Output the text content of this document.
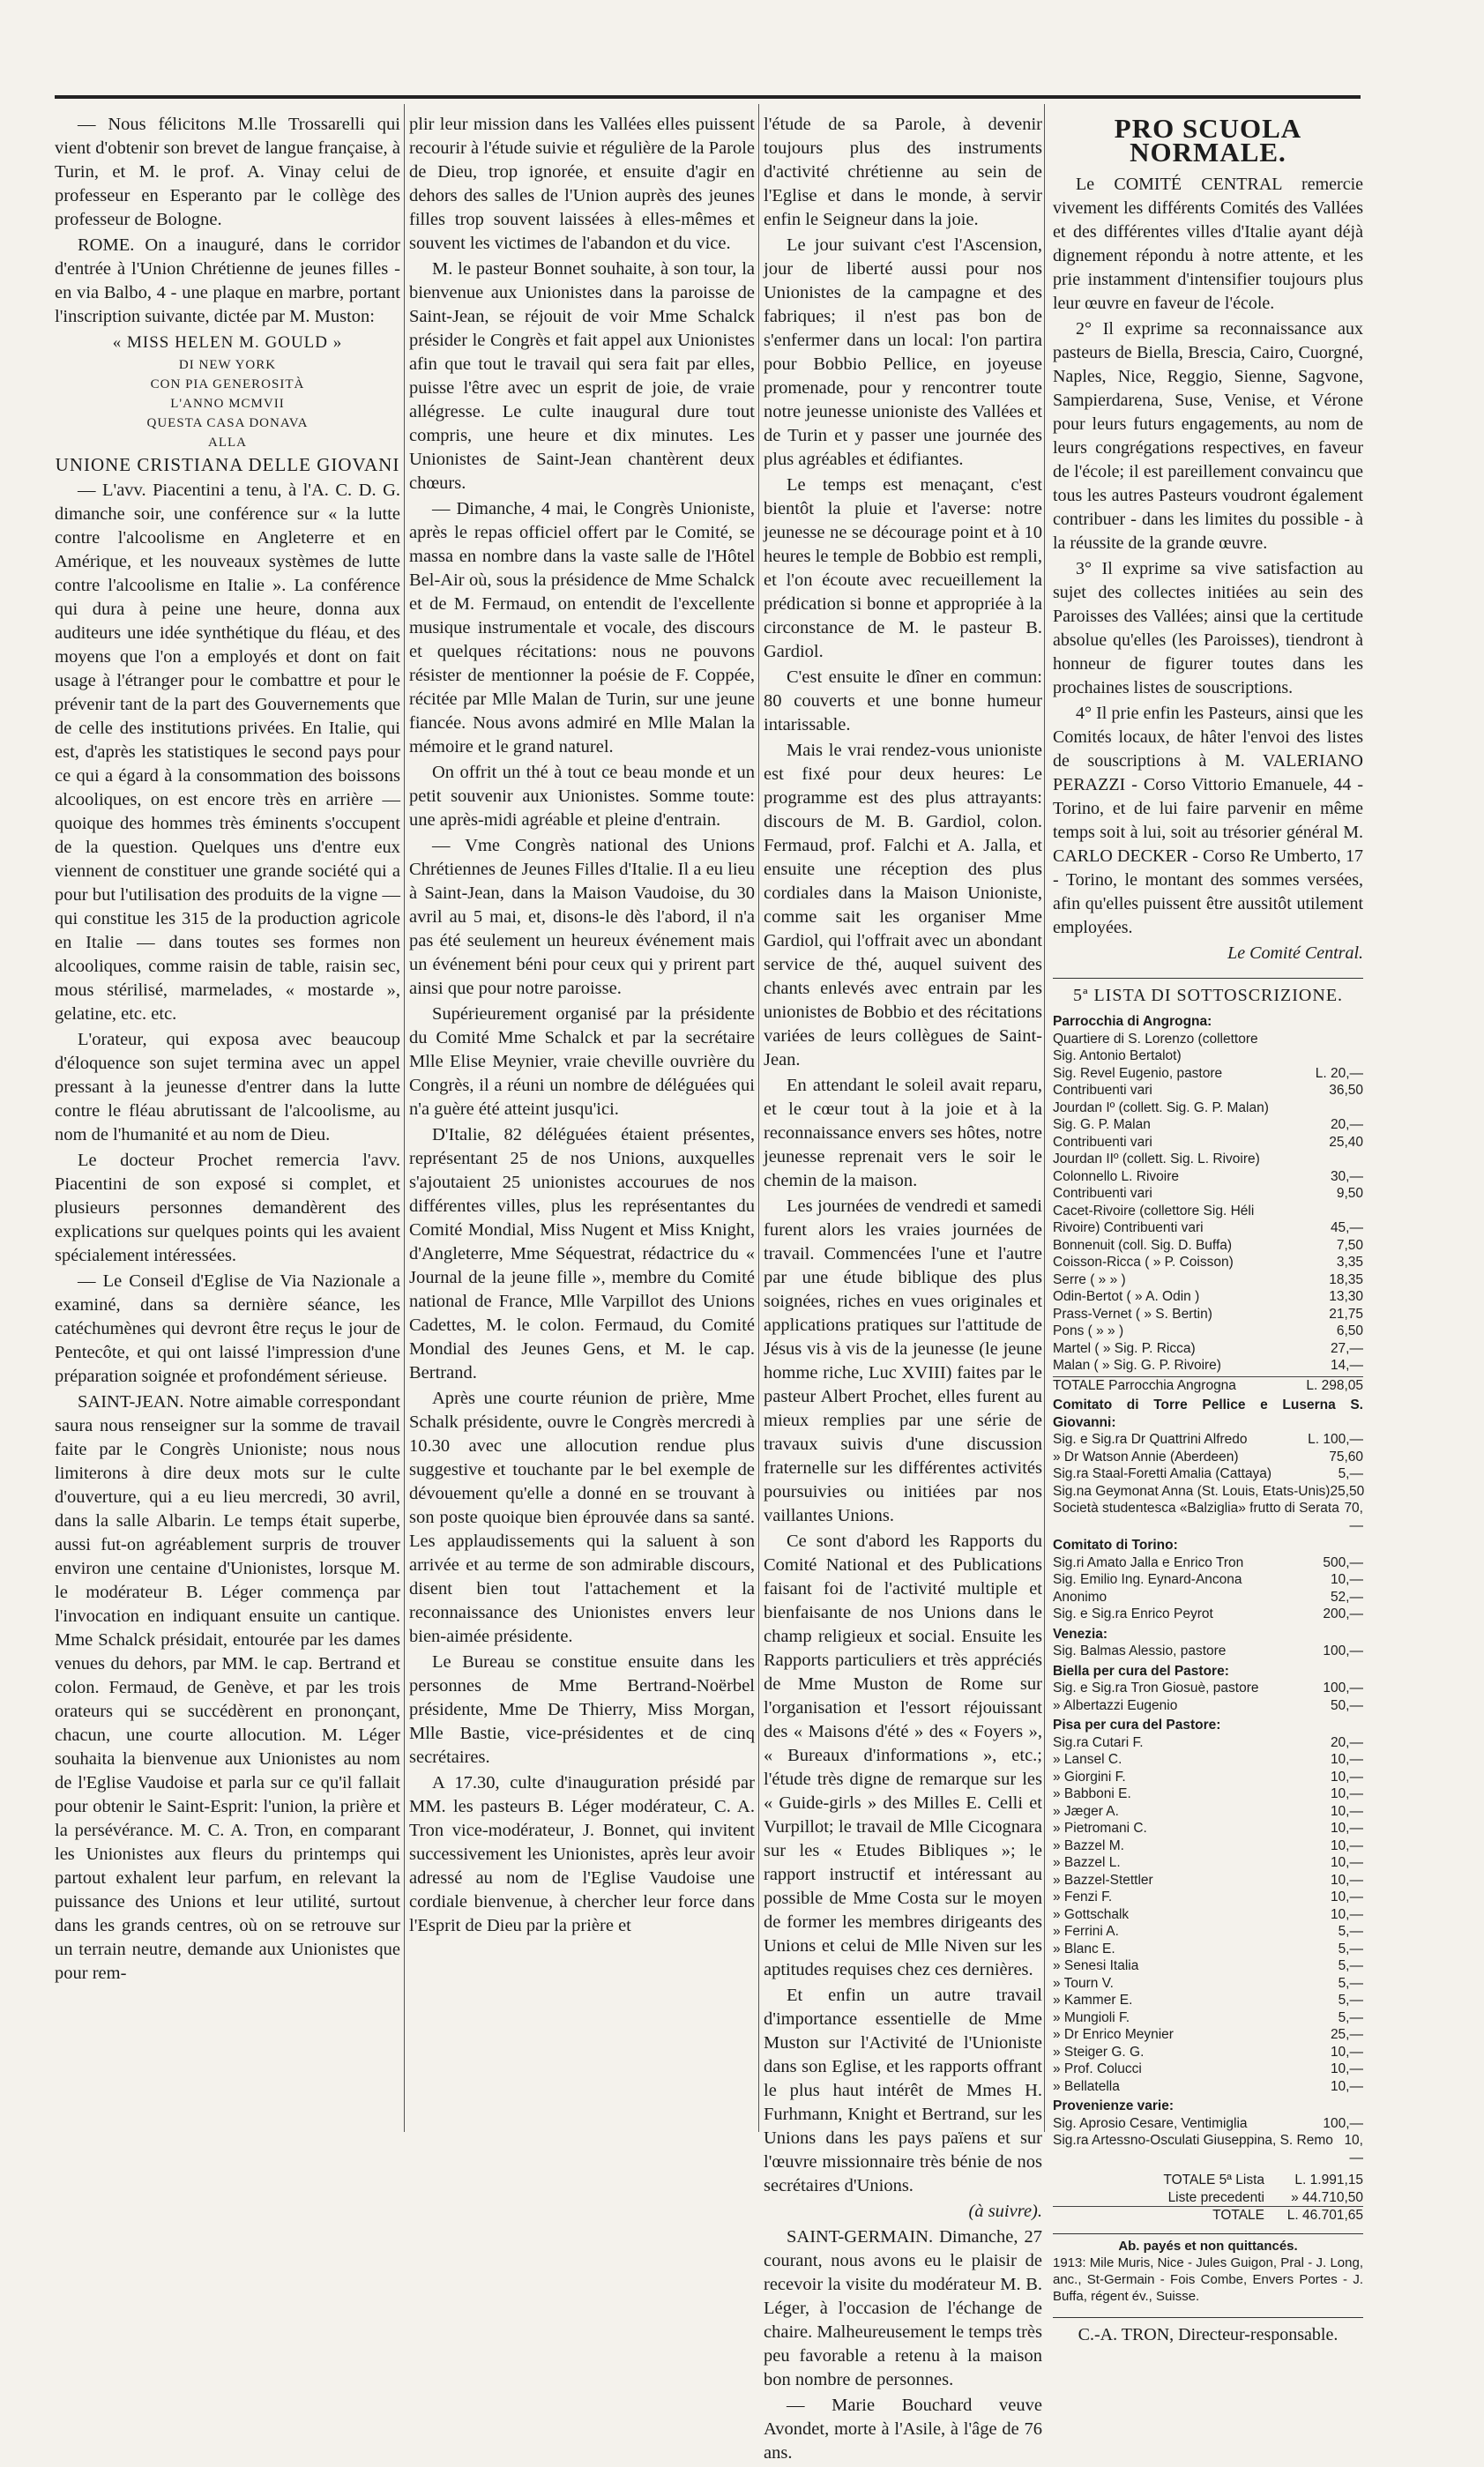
— Nous félicitons M.lle Trossarelli qui vient d'obtenir son brevet de langue française, à Turin, et M. le prof. A. Vinay celui de professeur en Esperanto par le collège des professeur de Bologne.

ROME. On a inauguré, dans le corridor d'entrée à l'Union Chrétienne de jeunes filles - en via Balbo, 4 - une plaque en marbre, portant l'inscription suivante, dictée par M. Muston:

« MISS HELEN M. GOULD »

DI NEW YORK

CON PIA GENEROSITÀ

L'ANNO MCMVII

QUESTA CASA DONAVA

ALLA

UNIONE CRISTIANA DELLE GIOVANI

— L'avv. Piacentini a tenu, à l'A. C. D. G. dimanche soir, une conférence sur « la lutte contre l'alcoolisme en Angleterre et en Amérique, et les nouveaux systèmes de lutte contre l'alcoolisme en Italie ». La conférence qui dura à peine une heure, donna aux auditeurs une idée synthétique du fléau, et des moyens que l'on a employés et dont on fait usage à l'étranger pour le combattre et pour le prévenir tant de la part des Gouvernements que de celle des institutions privées. En Italie, qui est, d'après les statistiques le second pays pour ce qui a égard à la consommation des boissons alcooliques, on est encore très en arrière — quoique des hommes très éminents s'occupent de la question. Quelques uns d'entre eux viennent de constituer une grande société qui a pour but l'utilisation des produits de la vigne — qui constitue les 315 de la production agricole en Italie — dans toutes ses formes non alcooliques, comme raisin de table, raisin sec, mous stérilisé, marmelades, « mostarde », gelatine, etc. etc.

L'orateur, qui exposa avec beaucoup d'éloquence son sujet termina avec un appel pressant à la jeunesse d'entrer dans la lutte contre le fléau abrutissant de l'alcoolisme, au nom de l'humanité et au nom de Dieu.

Le docteur Prochet remercia l'avv. Piacentini de son exposé si complet, et plusieurs personnes demandèrent des explications sur quelques points qui les avaient spécialement intéressées.

— Le Conseil d'Eglise de Via Nazionale a examiné, dans sa dernière séance, les catéchumènes qui devront être reçus le jour de Pentecôte, et qui ont laissé l'impression d'une préparation soignée et profondément sérieuse.

SAINT-JEAN. Notre aimable correspondant saura nous renseigner sur la somme de travail faite par le Congrès Unioniste; nous nous limiterons à dire deux mots sur le culte d'ouverture, qui a eu lieu mercredi, 30 avril, dans la salle Albarin. Le temps était superbe, aussi fut-on agréablement surpris de trouver environ une centaine d'Unionistes, lorsque M. le modérateur B. Léger commença par l'invocation en indiquant ensuite un cantique. Mme Schalck présidait, entourée par les dames venues du dehors, par MM. le cap. Bertrand et colon. Fermaud, de Genève, et par les trois orateurs qui se succédèrent en prononçant, chacun, une courte allocution. M. Léger souhaita la bienvenue aux Unionistes au nom de l'Eglise Vaudoise et parla sur ce qu'il fallait pour obtenir le Saint-Esprit: l'union, la prière et la persévérance. M. C. A. Tron, en comparant les Unionistes aux fleurs du printemps qui partout exhalent leur parfum, en relevant la puissance des Unions et leur utilité, surtout dans les grands centres, où on se retrouve sur un terrain neutre, demande aux Unionistes que pour rem-

plir leur mission dans les Vallées elles puissent recourir à l'étude suivie et régulière de la Parole de Dieu, trop ignorée, et ensuite d'agir en dehors des salles de l'Union auprès des jeunes filles trop souvent laissées à elles-mêmes et souvent les victimes de l'abandon et du vice.

M. le pasteur Bonnet souhaite, à son tour, la bienvenue aux Unionistes dans la paroisse de Saint-Jean, se réjouit de voir Mme Schalck présider le Congrès et fait appel aux Unionistes afin que tout le travail qui sera fait par elles, puisse l'être avec un esprit de joie, de vraie allégresse. Le culte inaugural dure tout compris, une heure et dix minutes. Les Unionistes de Saint-Jean chantèrent deux chœurs.

— Dimanche, 4 mai, le Congrès Unioniste, après le repas officiel offert par le Comité, se massa en nombre dans la vaste salle de l'Hôtel Bel-Air où, sous la présidence de Mme Schalck et de M. Fermaud, on entendit de l'excellente musique instrumentale et vocale, des discours et quelques récitations: nous ne pouvons résister de mentionner la poésie de F. Coppée, récitée par Mlle Malan de Turin, sur une jeune fiancée. Nous avons admiré en Mlle Malan la mémoire et le grand naturel.

On offrit un thé à tout ce beau monde et un petit souvenir aux Unionistes. Somme toute: une après-midi agréable et pleine d'entrain.

— Vme Congrès national des Unions Chrétiennes de Jeunes Filles d'Italie. Il a eu lieu à Saint-Jean, dans la Maison Vaudoise, du 30 avril au 5 mai, et, disons-le dès l'abord, il n'a pas été seulement un heureux événement mais un événement béni pour ceux qui y prirent part ainsi que pour notre paroisse.

Supérieurement organisé par la présidente du Comité Mme Schalck et par la secrétaire Mlle Elise Meynier, vraie cheville ouvrière du Congrès, il a réuni un nombre de déléguées qui n'a guère été atteint jusqu'ici.

D'Italie, 82 déléguées étaient présentes, représentant 25 de nos Unions, auxquelles s'ajoutaient 25 unionistes accourues de nos différentes villes, plus les représentantes du Comité Mondial, Miss Nugent et Miss Knight, d'Angleterre, Mme Séquestrat, rédactrice du « Journal de la jeune fille », membre du Comité national de France, Mlle Varpillot des Unions Cadettes, M. le colon. Fermaud, du Comité Mondial des Jeunes Gens, et M. le cap. Bertrand.

Après une courte réunion de prière, Mme Schalk présidente, ouvre le Congrès mercredi à 10.30 avec une allocution rendue plus suggestive et touchante par le bel exemple de dévouement qu'elle a donné en se trouvant à son poste quoique bien éprouvée dans sa santé. Les applaudissements qui la saluent à son arrivée et au terme de son admirable discours, disent bien tout l'attachement et la reconnaissance des Unionistes envers leur bien-aimée présidente.

Le Bureau se constitue ensuite dans les personnes de Mme Bertrand-Noërbel présidente, Mme De Thierry, Miss Morgan, Mlle Bastie, vice-présidentes et de cinq secrétaires.

A 17.30, culte d'inauguration présidé par MM. les pasteurs B. Léger modérateur, C. A. Tron vice-modérateur, J. Bonnet, qui invitent successivement les Unionistes, après leur avoir adressé au nom de l'Eglise Vaudoise une cordiale bienvenue, à chercher leur force dans l'Esprit de Dieu par la prière et

l'étude de sa Parole, à devenir toujours plus des instruments d'activité chrétienne au sein de l'Eglise et dans le monde, à servir enfin le Seigneur dans la joie.

Le jour suivant c'est l'Ascension, jour de liberté aussi pour nos Unionistes de la campagne et des fabriques; il n'est pas bon de s'enfermer dans un local: l'on partira pour Bobbio Pellice, en joyeuse promenade, pour y rencontrer toute notre jeunesse unioniste des Vallées et de Turin et y passer une journée des plus agréables et édifiantes.

Le temps est menaçant, c'est bientôt la pluie et l'averse: notre jeunesse ne se décourage point et à 10 heures le temple de Bobbio est rempli, et l'on écoute avec recueillement la prédication si bonne et appropriée à la circonstance de M. le pasteur B. Gardiol.

C'est ensuite le dîner en commun: 80 couverts et une bonne humeur intarissable.

Mais le vrai rendez-vous unioniste est fixé pour deux heures: Le programme est des plus attrayants: discours de M. B. Gardiol, colon. Fermaud, prof. Falchi et A. Jalla, et ensuite une réception des plus cordiales dans la Maison Unioniste, comme sait les organiser Mme Gardiol, qui l'offrait avec un abondant service de thé, auquel suivent des chants enlevés avec entrain par les unionistes de Bobbio et des récitations variées de leurs collègues de Saint-Jean.

En attendant le soleil avait reparu, et le cœur tout à la joie et à la reconnaissance envers ses hôtes, notre jeunesse reprenait vers le soir le chemin de la maison.

Les journées de vendredi et samedi furent alors les vraies journées de travail. Commencées l'une et l'autre par une étude biblique des plus soignées, riches en vues originales et applications pratiques sur l'attitude de Jésus vis à vis de la jeunesse (le jeune homme riche, Luc XVIII) faites par le pasteur Albert Prochet, elles furent au mieux remplies par une série de travaux suivis d'une discussion fraternelle sur les différentes activités poursuivies ou initiées par nos vaillantes Unions.

Ce sont d'abord les Rapports du Comité National et des Publications faisant foi de l'activité multiple et bienfaisante de nos Unions dans le champ religieux et social. Ensuite les Rapports particuliers et très appréciés de Mme Muston de Rome sur l'organisation et l'essort réjouissant des « Maisons d'été » des « Foyers », « Bureaux d'informations », etc.; l'étude très digne de remarque sur les « Guide-girls » des Milles E. Celli et Vurpillot; le travail de Mlle Cicognara sur les « Etudes Bibliques »; le rapport instructif et intéressant au possible de Mme Costa sur le moyen de former les membres dirigeants des Unions et celui de Mlle Niven sur les aptitudes requises chez ces dernières.

Et enfin un autre travail d'importance essentielle de Mme Muston sur l'Activité de l'Unioniste dans son Eglise, et les rapports offrant le plus haut intérêt de Mmes H. Furhmann, Knight et Bertrand, sur les Unions dans les pays païens et sur l'œuvre missionnaire très bénie de nos secrétaires d'Unions.

(à suivre).

SAINT-GERMAIN. Dimanche, 27 courant, nous avons eu le plaisir de recevoir la visite du modérateur M. B. Léger, à l'occasion de l'échange de chaire. Malheureusement le temps très peu favorable a retenu à la maison bon nombre de personnes.

— Marie Bouchard veuve Avondet, morte à l'Asile, à l'âge de 76 ans.

PRO SCUOLA NORMALE.

Le COMITÉ CENTRAL remercie vivement les différents Comités des Vallées et des différentes villes d'Italie ayant déjà dignement répondu à notre attente, et les prie instamment d'intensifier toujours plus leur œuvre en faveur de l'école.

2° Il exprime sa reconnaissance aux pasteurs de Biella, Brescia, Cairo, Cuorgné, Naples, Nice, Reggio, Sienne, Sagvone, Sampierdarena, Suse, Venise, et Vérone pour leurs futurs engagements, au nom de leurs congrégations respectives, en faveur de l'école; il est pareillement convaincu que tous les autres Pasteurs voudront également contribuer - dans les limites du possible - à la réussite de la grande œuvre.

3° Il exprime sa vive satisfaction au sujet des collectes initiées au sein des Paroisses des Vallées; ainsi que la certitude absolue qu'elles (les Paroisses), tiendront à honneur de figurer toutes dans les prochaines listes de souscriptions.

4° Il prie enfin les Pasteurs, ainsi que les Comités locaux, de hâter l'envoi des listes de souscriptions à M. VALERIANO PERAZZI - Corso Vittorio Emanuele, 44 - Torino, et de lui faire parvenir en même temps soit à lui, soit au trésorier général M. CARLO DECKER - Corso Re Umberto, 17 - Torino, le montant des sommes versées, afin qu'elles puissent être aussitôt utilement employées.

Le Comité Central.

5ª LISTA DI SOTTOSCRIZIONE.
Parrocchia di Angrogna:
Quartiere di S. Lorenzo (collettore
Sig. Antonio Bertalot)
Sig. Revel Eugenio, pastore	L. 20,—
Contribuenti vari	36,50
Jourdan Iº (collett. Sig. G. P. Malan)
Sig. G. P. Malan	20,—
Contribuenti vari	25,40
Jourdan IIº (collett. Sig. L. Rivoire)
Colonnello L. Rivoire	30,—
Contribuenti vari	9,50
Cacet-Rivoire (collettore Sig. Héli
Rivoire) Contribuenti vari	45,—
Bonnenuit (coll. Sig. D. Buffa)	7,50
Coisson-Ricca ( » P. Coisson)	3,35
Serre ( » » )	18,35
Odin-Bertot ( » A. Odin )	13,30
Prass-Vernet ( » S. Bertin)	21,75
Pons ( » » )	6,50
Martel ( » Sig. P. Ricca)	27,—
Malan ( » Sig. G. P. Rivoire)	14,—
TOTALE Parrocchia Angrogna	L. 298,05
Comitato di Torre Pellice e Luserna S. Giovanni:
Sig. e Sig.ra Dr Quattrini Alfredo	L. 100,—
» Dr Watson Annie (Aberdeen)	75,60
Sig.ra Staal-Foretti Amalia (Cattaya)	5,—
Sig.na Geymonat Anna (St. Louis, Etats-Unis) 25,50
Società studentesca «Balziglia» frutto di Serata 70,—
Comitato di Torino:
Sig.ri Amato Jalla e Enrico Tron	500,—
Sig. Emilio Ing. Eynard-Ancona	10,—
Anonimo	52,—
Sig. e Sig.ra Enrico Peyrot	200,—
Venezia:
Sig. Balmas Alessio, pastore	100,—
Biella per cura del Pastore:
Sig. e Sig.ra Tron Giosuè, pastore	100,—
» Albertazzi Eugenio	50,—
Pisa per cura del Pastore:
Sig.ra Cutari F.	20,—
» Lansel C.	10,—
» Giorgini F.	10,—
» Babboni E.	10,—
» Jæger A.	10,—
» Pietromani C.	10,—
» Bazzel M.	10,—
» Bazzel L.	10,—
» Bazzel-Stettler	10,—
» Fenzi F.	10,—
» Gottschalk	10,—
» Ferrini A.	5,—
» Blanc E.	5,—
» Senesi Italia	5,—
» Tourn V.	5,—
» Kammer E.	5,—
» Mungioli F.	5,—
» Dr Enrico Meynier	25,—
» Steiger G. G.	10,—
» Prof. Colucci	10,—
» Bellatella	10,—
Provenienze varie:
Sig. Aprosio Cesare, Ventimiglia	100,—
Sig.ra Artessno-Osculati Giuseppina, S. Remo 10,—
TOTALE 5ª Lista	L. 1.991,15
Liste precedenti	» 44.710,50
TOTALE	L. 46.701,65
Ab. payés et non quittancés.
1913: Mile Muris, Nice - Jules Guigon, Pral - J. Long, anc., St-Germain - Fois Combe, Envers Portes - J. Buffa, régent év., Suisse.
C.-A. TRON, Directeur-responsable.
